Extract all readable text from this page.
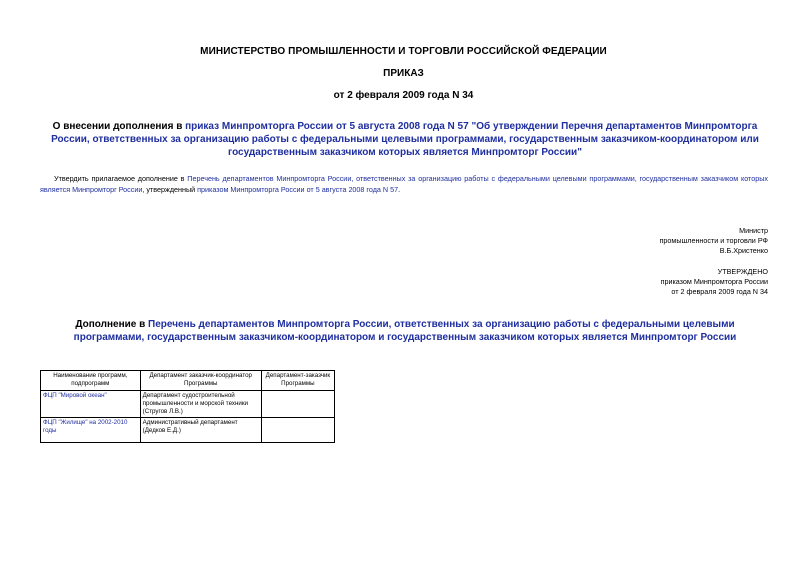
МИНИСТЕРСТВО ПРОМЫШЛЕННОСТИ И ТОРГОВЛИ РОССИЙСКОЙ ФЕДЕРАЦИИ
ПРИКАЗ
от 2 февраля 2009 года N 34
О внесении дополнения в приказ Минпромторга России от 5 августа 2008 года N 57 "Об утверждении Перечня департаментов Минпромторга России, ответственных за организацию работы с федеральными целевыми программами, государственным заказчиком-координатором или государственным заказчиком которых является Минпромторг России"
Утвердить прилагаемое дополнение в Перечень департаментов Минпромторга России, ответственных за организацию работы с федеральными целевыми программами, государственным заказчиком которых является Минпромторг России, утвержденный приказом Минпромторга России от 5 августа 2008 года N 57.
Министр
промышленности и торговли РФ
В.Б.Христенко
УТВЕРЖДЕНО
приказом Минпромторга России
от 2 февраля 2009 года N 34
Дополнение в Перечень департаментов Минпромторга России, ответственных за организацию работы с федеральными целевыми программами, государственным заказчиком-координатором и государственным заказчиком которых является Минпромторг России
Наименование программ, подпрограмм	Департамент заказчик-координатор Программы	Департамент-заказчик Программы
ФЦП "Мировой океан"	Департамент судостроительной промышленности и морской техники (Стругов Л.В.)	
ФЦП "Жилище" на 2002-2010 годы	Административный департамент (Дедков Е.Д.)	
